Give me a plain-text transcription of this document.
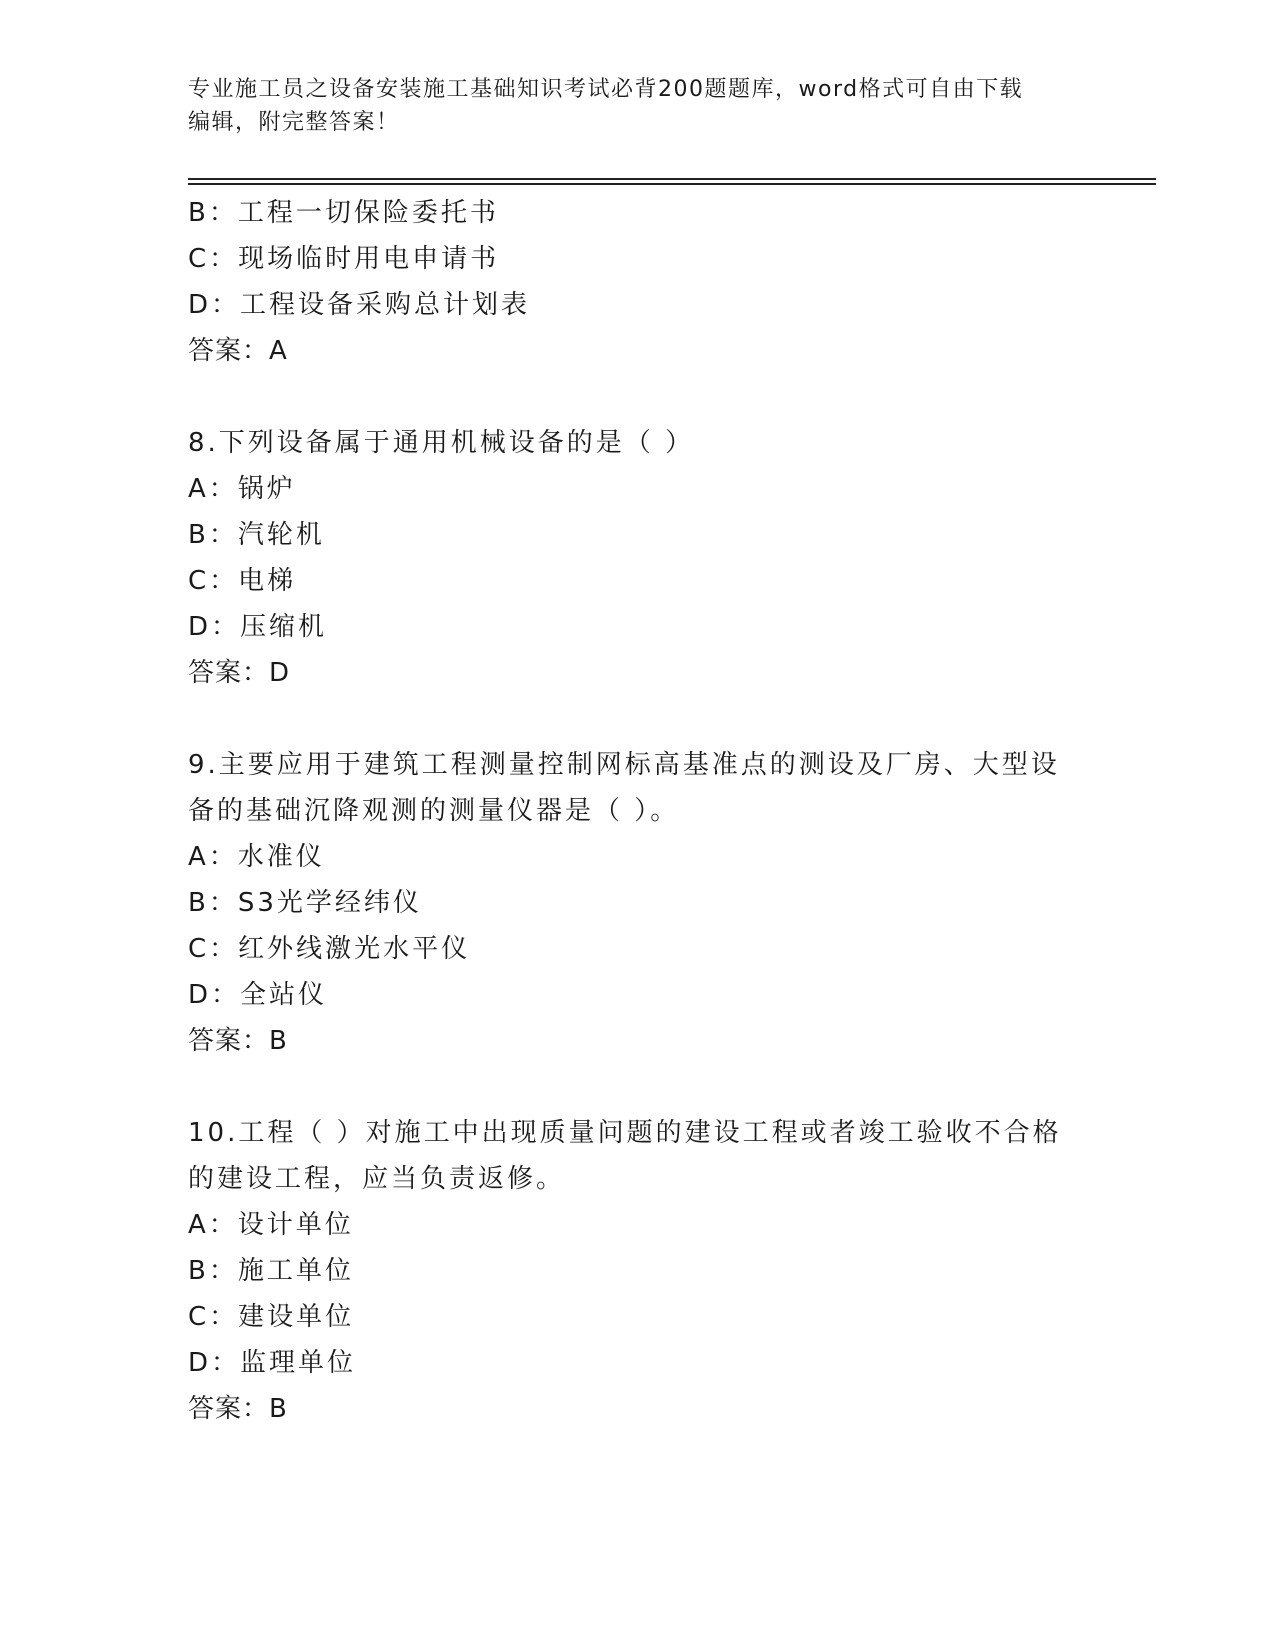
专业施工员之设备安装施工基础知识考试必背200题题库，word格式可自由下载
编辑，附完整答案！
B：工程一切保险委托书
C：现场临时用电申请书
D：工程设备采购总计划表
答案：A
8.下列设备属于通用机械设备的是（ ）
A：锅炉
B：汽轮机
C：电梯
D：压缩机
答案：D
9.主要应用于建筑工程测量控制网标高基准点的测设及厂房、大型设
备的基础沉降观测的测量仪器是（ ）。
A：水准仪
B：S3光学经纬仪
C：红外线激光水平仪
D：全站仪
答案：B
10.工程（ ）对施工中出现质量问题的建设工程或者竣工验收不合格
的建设工程，应当负责返修。
A：设计单位
B：施工单位
C：建设单位
D：监理单位
答案：B
